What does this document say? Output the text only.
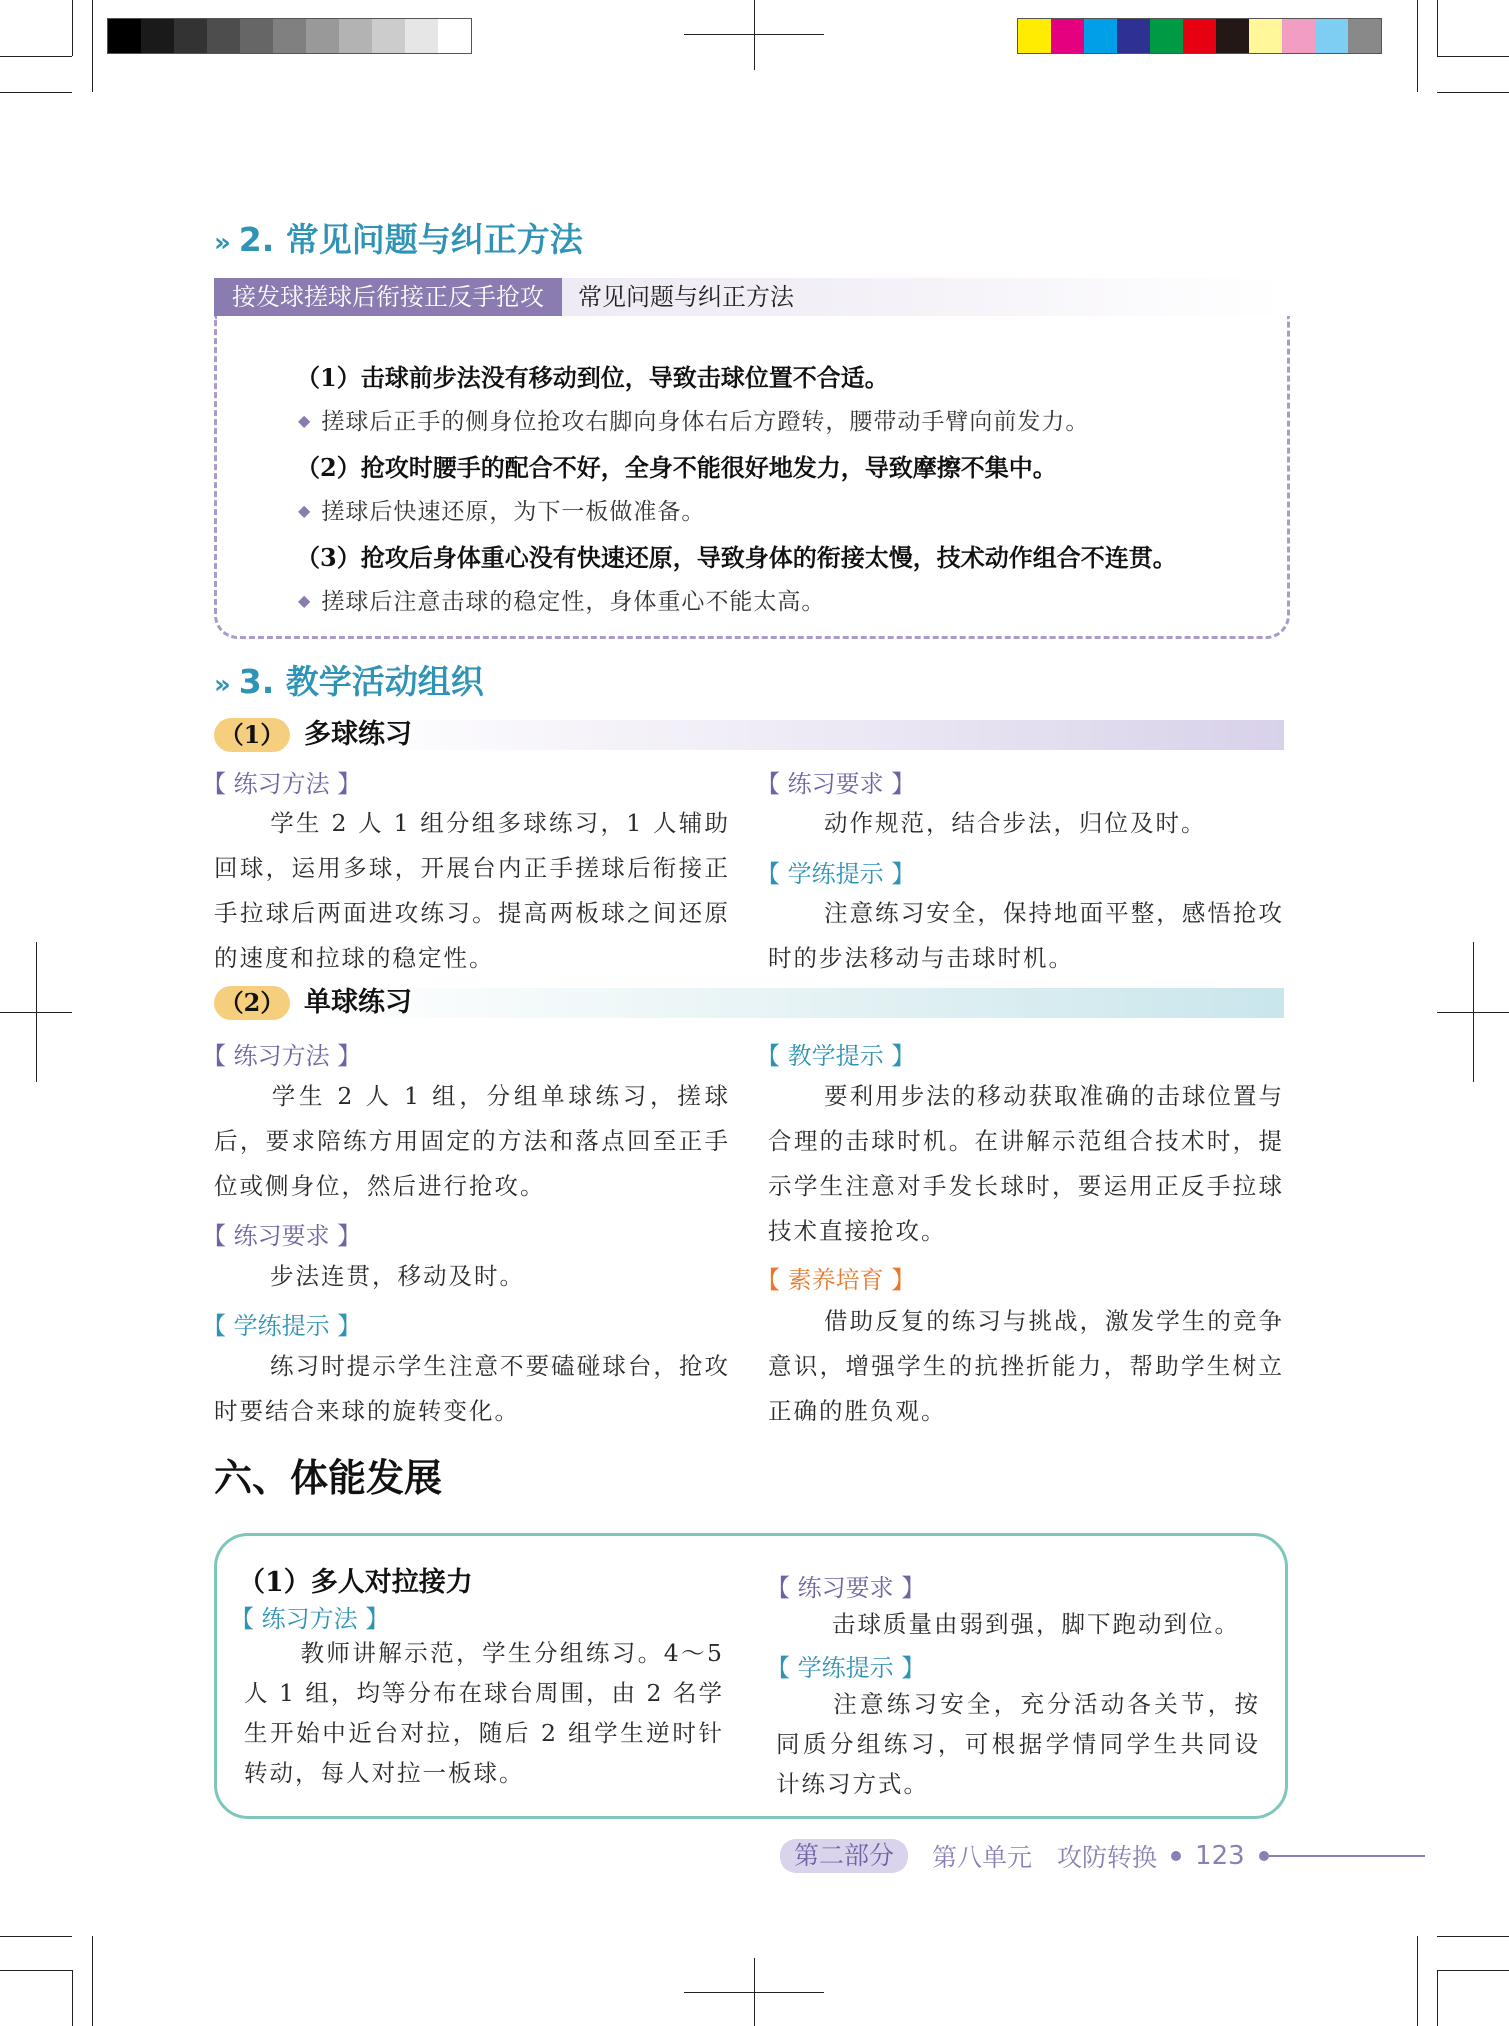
» 2. 常见问题与纠正方法
接发球搓球后衔接正反手抢攻	常见问题与纠正方法
（1）击球前步法没有移动到位，导致击球位置不合适。
◆ 搓球后正手的侧身位抢攻右脚向身体右后方蹬转，腰带动手臂向前发力。
（2）抢攻时腰手的配合不好，全身不能很好地发力，导致摩擦不集中。
◆ 搓球后快速还原，为下一板做准备。
（3）抢攻后身体重心没有快速还原，导致身体的衔接太慢，技术动作组合不连贯。
◆ 搓球后注意击球的稳定性，身体重心不能太高。
» 3. 教学活动组织
（1） 多球练习
【 练习方法 】
学生 2 人 1 组分组多球练习，1 人辅助回球，运用多球，开展台内正手搓球后衔接正手拉球后两面进攻练习。提高两板球之间还原的速度和拉球的稳定性。
【 练习要求 】
动作规范，结合步法，归位及时。
【 学练提示 】
注意练习安全，保持地面平整，感悟抢攻时的步法移动与击球时机。
（2） 单球练习
【 练习方法 】
学生 2 人 1 组，分组单球练习，搓球后，要求陪练方用固定的方法和落点回至正手位或侧身位，然后进行抢攻。
【 练习要求 】
步法连贯，移动及时。
【 学练提示 】
练习时提示学生注意不要磕碰球台，抢攻时要结合来球的旋转变化。
【 教学提示 】
要利用步法的移动获取准确的击球位置与合理的击球时机。在讲解示范组合技术时，提示学生注意对手发长球时，要运用正反手拉球技术直接抢攻。
【 素养培育 】
借助反复的练习与挑战，激发学生的竞争意识，增强学生的抗挫折能力，帮助学生树立正确的胜负观。
六、体能发展
（1）多人对拉接力
【 练习方法 】
教师讲解示范，学生分组练习。4～5 人 1 组，均等分布在球台周围，由 2 名学生开始中近台对拉，随后 2 组学生逆时针转动，每人对拉一板球。
【 练习要求 】
击球质量由弱到强，脚下跑动到位。
【 学练提示 】
注意练习安全，充分活动各关节，按同质分组练习，可根据学情同学生共同设计练习方式。
第二部分	第八单元　攻防转换 123
